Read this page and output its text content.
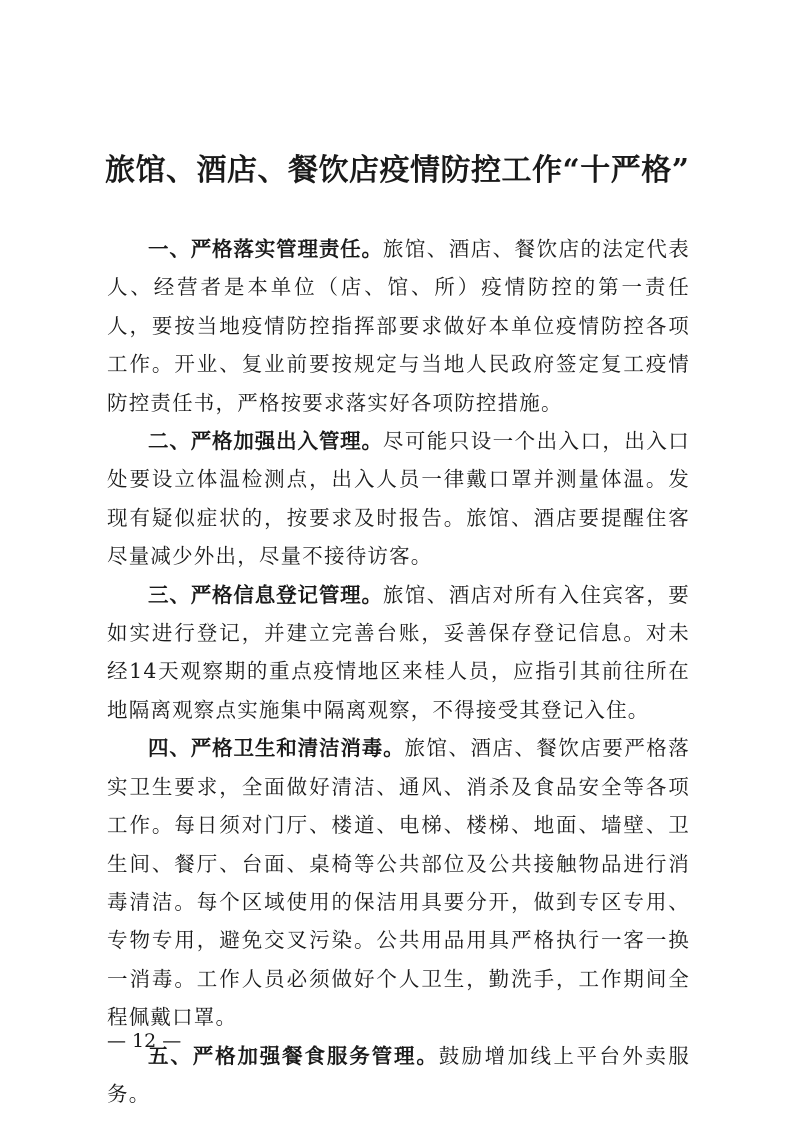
旅馆、酒店、餐饮店疫情防控工作“十严格”

一、严格落实管理责任。旅馆、酒店、餐饮店的法定代表人、经营者是本单位（店、馆、所）疫情防控的第一责任人，要按当地疫情防控指挥部要求做好本单位疫情防控各项工作。开业、复业前要按规定与当地人民政府签定复工疫情防控责任书，严格按要求落实好各项防控措施。

二、严格加强出入管理。尽可能只设一个出入口，出入口处要设立体温检测点，出入人员一律戴口罩并测量体温。发现有疑似症状的，按要求及时报告。旅馆、酒店要提醒住客尽量减少外出，尽量不接待访客。

三、严格信息登记管理。旅馆、酒店对所有入住宾客，要如实进行登记，并建立完善台账，妥善保存登记信息。对未经14天观察期的重点疫情地区来桂人员，应指引其前往所在地隔离观察点实施集中隔离观察，不得接受其登记入住。

四、严格卫生和清洁消毒。旅馆、酒店、餐饮店要严格落实卫生要求，全面做好清洁、通风、消杀及食品安全等各项工作。每日须对门厅、楼道、电梯、楼梯、地面、墙壁、卫生间、餐厅、台面、桌椅等公共部位及公共接触物品进行消毒清洁。每个区域使用的保洁用具要分开，做到专区专用、专物专用，避免交叉污染。公共用品用具严格执行一客一换一消毒。工作人员必须做好个人卫生，勤洗手，工作期间全程佩戴口罩。

五、严格加强餐食服务管理。鼓励增加线上平台外卖服务。

— 12 —
